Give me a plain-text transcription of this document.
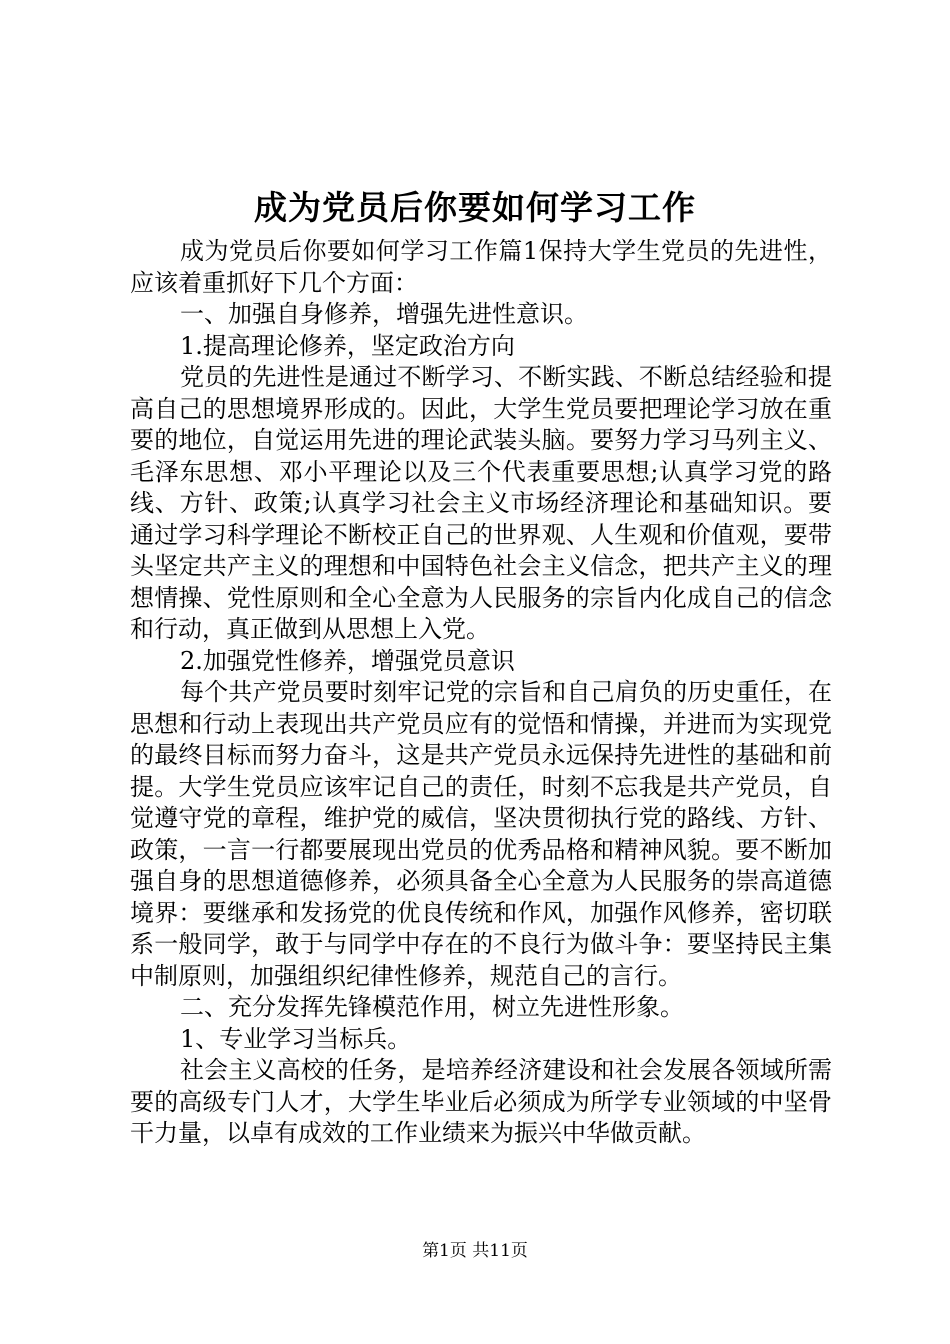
成为党员后你要如何学习工作

成为党员后你要如何学习工作篇1保持大学生党员的先进性，应该着重抓好下几个方面：

一、加强自身修养，增强先进性意识。

1.提高理论修养，坚定政治方向

党员的先进性是通过不断学习、不断实践、不断总结经验和提高自己的思想境界形成的。因此，大学生党员要把理论学习放在重要的地位，自觉运用先进的理论武装头脑。要努力学习马列主义、毛泽东思想、邓小平理论以及三个代表重要思想;认真学习党的路线、方针、政策;认真学习社会主义市场经济理论和基础知识。要通过学习科学理论不断校正自己的世界观、人生观和价值观，要带头坚定共产主义的理想和中国特色社会主义信念，把共产主义的理想情操、党性原则和全心全意为人民服务的宗旨内化成自己的信念和行动，真正做到从思想上入党。

2.加强党性修养，增强党员意识

每个共产党员要时刻牢记党的宗旨和自己肩负的历史重任，在思想和行动上表现出共产党员应有的觉悟和情操，并进而为实现党的最终目标而努力奋斗，这是共产党员永远保持先进性的基础和前提。大学生党员应该牢记自己的责任，时刻不忘我是共产党员，自觉遵守党的章程，维护党的威信，坚决贯彻执行党的路线、方针、政策，一言一行都要展现出党员的优秀品格和精神风貌。要不断加强自身的思想道德修养，必须具备全心全意为人民服务的崇高道德境界：要继承和发扬党的优良传统和作风，加强作风修养，密切联系一般同学，敢于与同学中存在的不良行为做斗争：要坚持民主集中制原则，加强组织纪律性修养，规范自己的言行。

二、充分发挥先锋模范作用，树立先进性形象。

1、专业学习当标兵。

社会主义高校的任务，是培养经济建设和社会发展各领域所需要的高级专门人才，大学生毕业后必须成为所学专业领域的中坚骨干力量，以卓有成效的工作业绩来为振兴中华做贡献。

第1页 共11页
